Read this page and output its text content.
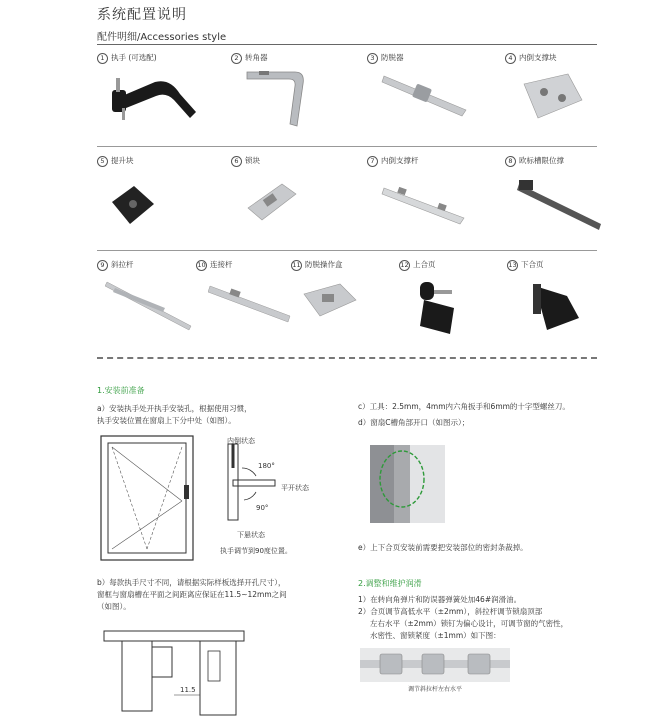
系统配置说明
配件明细/Accessories style
1 执手 (可选配)	2 转角器	3 防脱器	4 内倒支撑块
5 提升块	6 锁块	7 内倒支撑杆	8 欧标槽限位撑
9 斜拉杆	10 连接杆	11 防脱操作盒	12 上合页	13 下合页
1.安装前准备
a）安装执手处开执手安装孔，根据使用习惯，
执手安装位置在窗扇上下分中处（如图）。
内倒状态
180°
平开状态
90°
下悬状态
执手调节到90度位置。
b）每款执手尺寸不同，请根据实际样板选择开孔尺寸），
窗框与窗扇槽在平面之间距离应保证在11.5~12mm之间
（如图）。
11.5
c）工具：2.5mm，4mm内六角扳手和6mm的十字型螺丝刀。
d）窗扇C槽角部开口（如图示）；
e）上下合页安装前需要把安装部位的密封条裁掉。
2.调整和维护润滑
1）在转向角弹片和防误器弹簧处加46#润滑油。
2）合页调节高低水平（±2mm），斜拉杆调节锁扇顶部
左右水平（±2mm）锁钉为偏心设计，可调节窗的气密性，
水密性、窗锁紧度（±1mm）如下图：
调节斜拉杆左右水平
